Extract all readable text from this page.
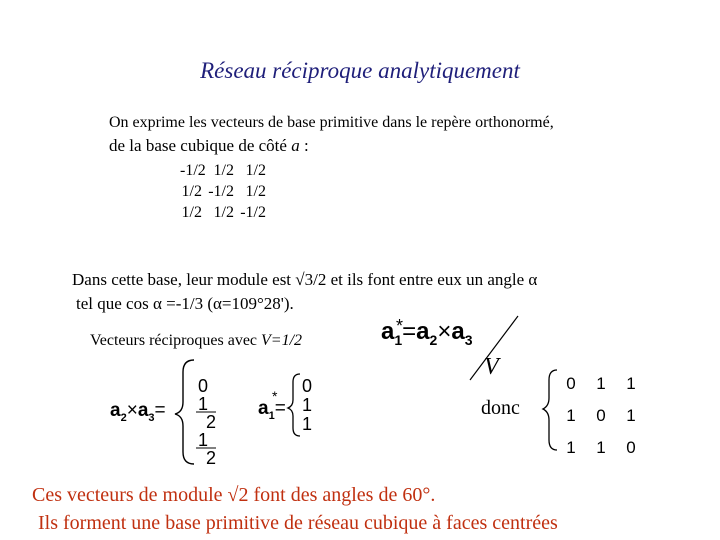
Réseau réciproque analytiquement
On exprime les vecteurs de base primitive dans le repère orthonormé,
de la base cubique de côté a :
-1/2 1/2 1/2
1/2 -1/2 1/2
1/2 1/2 -1/2
Dans cette base, leur module est √3/2 et ils font entre eux un angle α
tel que cos α =-1/3 (α=109°28').
Vecteurs réciproques avec V=1/2	$a_1=a_2\times a_3$
*
V
$a_2\times a_3=$
0
1
2
1
2
$a_1=$
* 0
1
1
donc
0 1 1
1 0 1
1 1 0
Ces vecteurs de module √2 font des angles de 60°.
Ils forment une base primitive de réseau cubique à faces centrées
